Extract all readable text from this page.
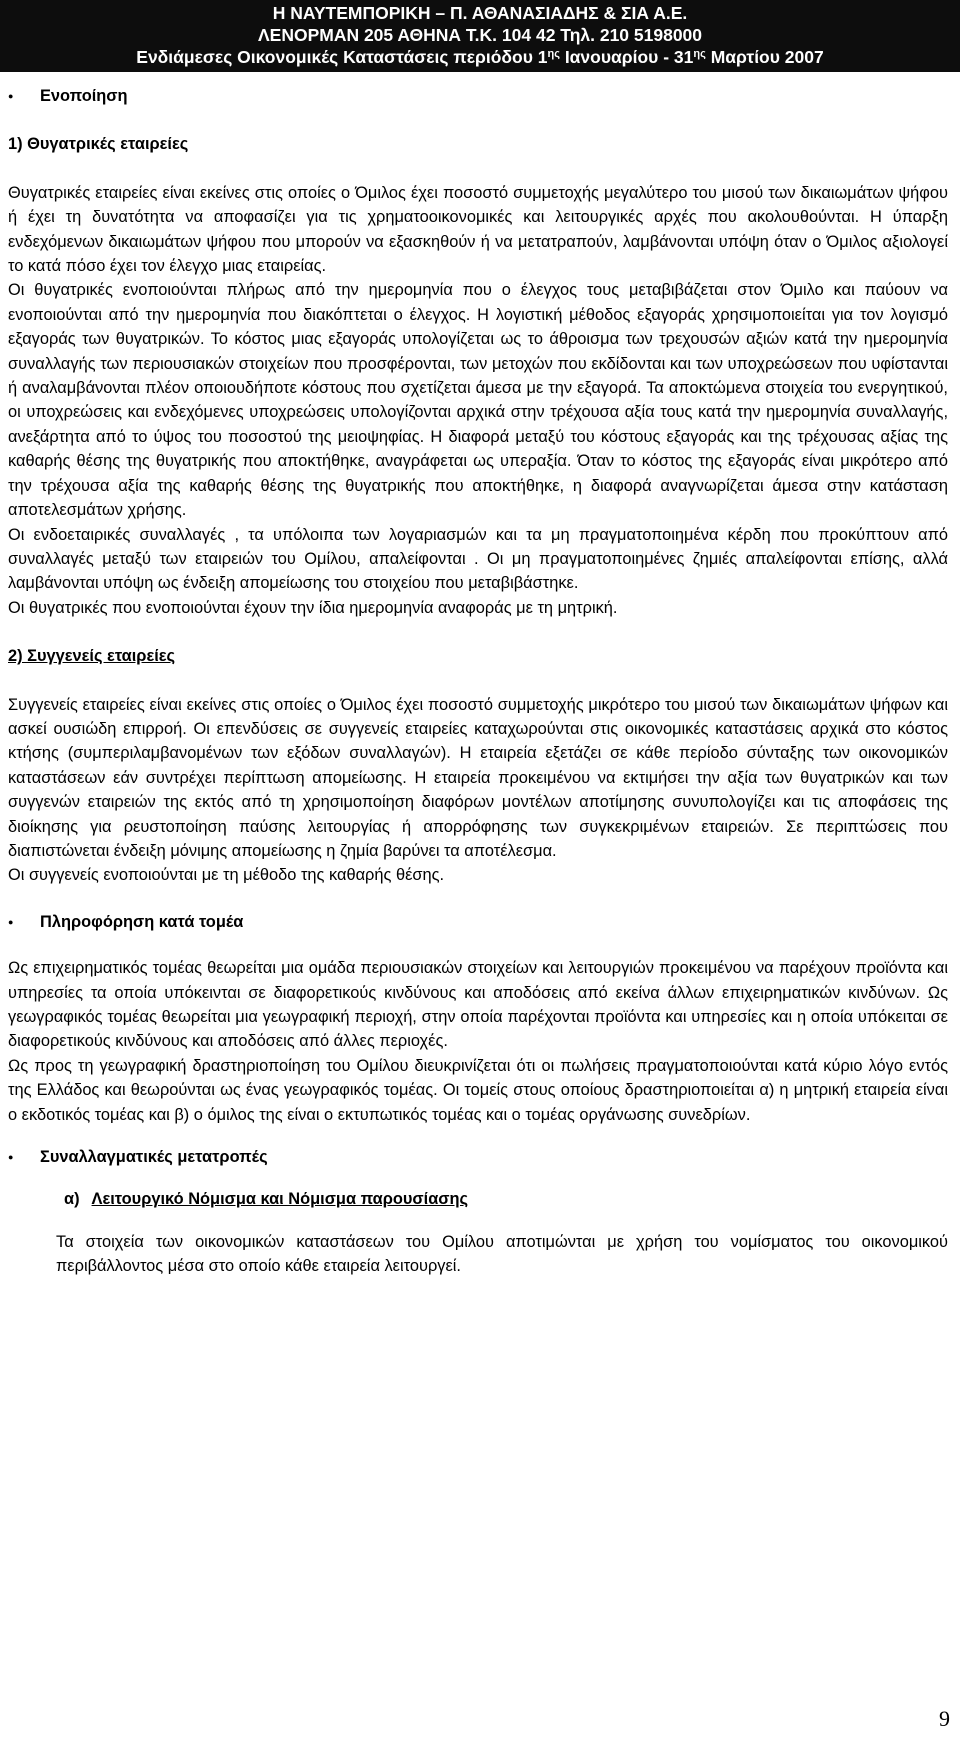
Η ΝΑΥΤΕΜΠΟΡΙΚΗ – Π. ΑΘΑΝΑΣΙΑΔΗΣ & ΣΙΑ Α.Ε.
ΛΕΝΟΡΜΑΝ 205 ΑΘΗΝΑ Τ.Κ. 104 42 Τηλ. 210 5198000
Ενδιάμεσες Οικονομικές Καταστάσεις περιόδου $1^{\eta\varsigma}$ Ιανουαρίου - $31^{\eta\varsigma}$ Μαρτίου 2007

● Ενοποίηση

1) Θυγατρικές εταιρείες

Θυγατρικές εταιρείες είναι εκείνες στις οποίες ο Όμιλος έχει ποσοστό συμμετοχής μεγαλύτερο του μισού των δικαιωμάτων ψήφου ή έχει τη δυνατότητα να αποφασίζει για τις χρηματοοικονομικές και λειτουργικές αρχές που ακολουθούνται. Η ύπαρξη ενδεχόμενων δικαιωμάτων ψήφου που μπορούν να εξασκηθούν ή να μετατραπούν, λαμβάνονται υπόψη όταν ο Όμιλος αξιολογεί το κατά πόσο έχει τον έλεγχο μιας εταιρείας.

Οι θυγατρικές ενοποιούνται πλήρως από την ημερομηνία που ο έλεγχος τους μεταβιβάζεται στον Όμιλο και παύουν να ενοποιούνται από την ημερομηνία που διακόπτεται ο έλεγχος. Η λογιστική μέθοδος εξαγοράς χρησιμοποιείται για τον λογισμό εξαγοράς των θυγατρικών. Το κόστος μιας εξαγοράς υπολογίζεται ως το άθροισμα των τρεχουσών αξιών κατά την ημερομηνία συναλλαγής των περιουσιακών στοιχείων που προσφέρονται, των μετοχών που εκδίδονται και των υποχρεώσεων που υφίστανται ή αναλαμβάνονται πλέον οποιουδήποτε κόστους που σχετίζεται άμεσα με την εξαγορά. Τα αποκτώμενα στοιχεία του ενεργητικού, οι υποχρεώσεις και ενδεχόμενες υποχρεώσεις υπολογίζονται αρχικά στην τρέχουσα αξία τους κατά την ημερομηνία συναλλαγής, ανεξάρτητα από το ύψος του ποσοστού της μειοψηφίας. Η διαφορά μεταξύ του κόστους εξαγοράς και της τρέχουσας αξίας της καθαρής θέσης της θυγατρικής που αποκτήθηκε, αναγράφεται ως υπεραξία. Όταν το κόστος της εξαγοράς είναι μικρότερο από την τρέχουσα αξία της καθαρής θέσης της θυγατρικής που αποκτήθηκε, η διαφορά αναγνωρίζεται άμεσα στην κατάσταση αποτελεσμάτων χρήσης.

Οι ενδοεταιρικές συναλλαγές , τα υπόλοιπα των λογαριασμών και τα μη πραγματοποιημένα κέρδη που προκύπτουν από συναλλαγές μεταξύ των εταιρειών του Ομίλου, απαλείφονται . Οι μη πραγματοποιημένες ζημιές απαλείφονται επίσης, αλλά λαμβάνονται υπόψη ως ένδειξη απομείωσης του στοιχείου που μεταβιβάστηκε.

Οι θυγατρικές που ενοποιούνται έχουν την ίδια ημερομηνία αναφοράς με τη μητρική.

2) Συγγενείς εταιρείες

Συγγενείς εταιρείες είναι εκείνες στις οποίες ο Όμιλος έχει ποσοστό συμμετοχής μικρότερο του μισού των δικαιωμάτων ψήφων και ασκεί ουσιώδη επιρροή. Οι επενδύσεις σε συγγενείς εταιρείες καταχωρούνται στις οικονομικές καταστάσεις αρχικά στο κόστος κτήσης (συμπεριλαμβανομένων των εξόδων συναλλαγών). Η εταιρεία εξετάζει σε κάθε περίοδο σύνταξης των οικονομικών καταστάσεων εάν συντρέχει περίπτωση απομείωσης. Η εταιρεία προκειμένου να εκτιμήσει την αξία των θυγατρικών και των συγγενών εταιρειών της εκτός από τη χρησιμοποίηση διαφόρων μοντέλων αποτίμησης συνυπολογίζει και τις αποφάσεις της διοίκησης για ρευστοποίηση παύσης λειτουργίας ή απορρόφησης των συγκεκριμένων εταιρειών. Σε περιπτώσεις που διαπιστώνεται ένδειξη μόνιμης απομείωσης η ζημία βαρύνει τα αποτέλεσμα.

Οι συγγενείς ενοποιούνται με τη μέθοδο της καθαρής θέσης.

● Πληροφόρηση κατά τομέα

Ως επιχειρηματικός τομέας θεωρείται μια ομάδα περιουσιακών στοιχείων και λειτουργιών προκειμένου να παρέχουν προϊόντα και υπηρεσίες τα οποία υπόκεινται σε διαφορετικούς κινδύνους και αποδόσεις από εκείνα άλλων επιχειρηματικών κινδύνων. Ως γεωγραφικός τομέας θεωρείται μια γεωγραφική περιοχή, στην οποία παρέχονται προϊόντα και υπηρεσίες και η οποία υπόκειται σε διαφορετικούς κινδύνους και αποδόσεις από άλλες περιοχές.

Ως προς τη γεωγραφική δραστηριοποίηση του Ομίλου διευκρινίζεται ότι οι πωλήσεις πραγματοποιούνται κατά κύριο λόγο εντός της Ελλάδος και θεωρούνται ως ένας γεωγραφικός τομέας. Οι τομείς στους οποίους δραστηριοποιείται α) η μητρική εταιρεία είναι ο εκδοτικός τομέας και β) ο όμιλος της είναι ο εκτυπωτικός τομέας και ο τομέας οργάνωσης συνεδρίων.

● Συναλλαγματικές μετατροπές

α) Λειτουργικό Νόμισμα και Νόμισμα παρουσίασης

Τα στοιχεία των οικονομικών καταστάσεων του Ομίλου αποτιμώνται με χρήση του νομίσματος του οικονομικού περιβάλλοντος μέσα στο οποίο κάθε εταιρεία λειτουργεί.

9
